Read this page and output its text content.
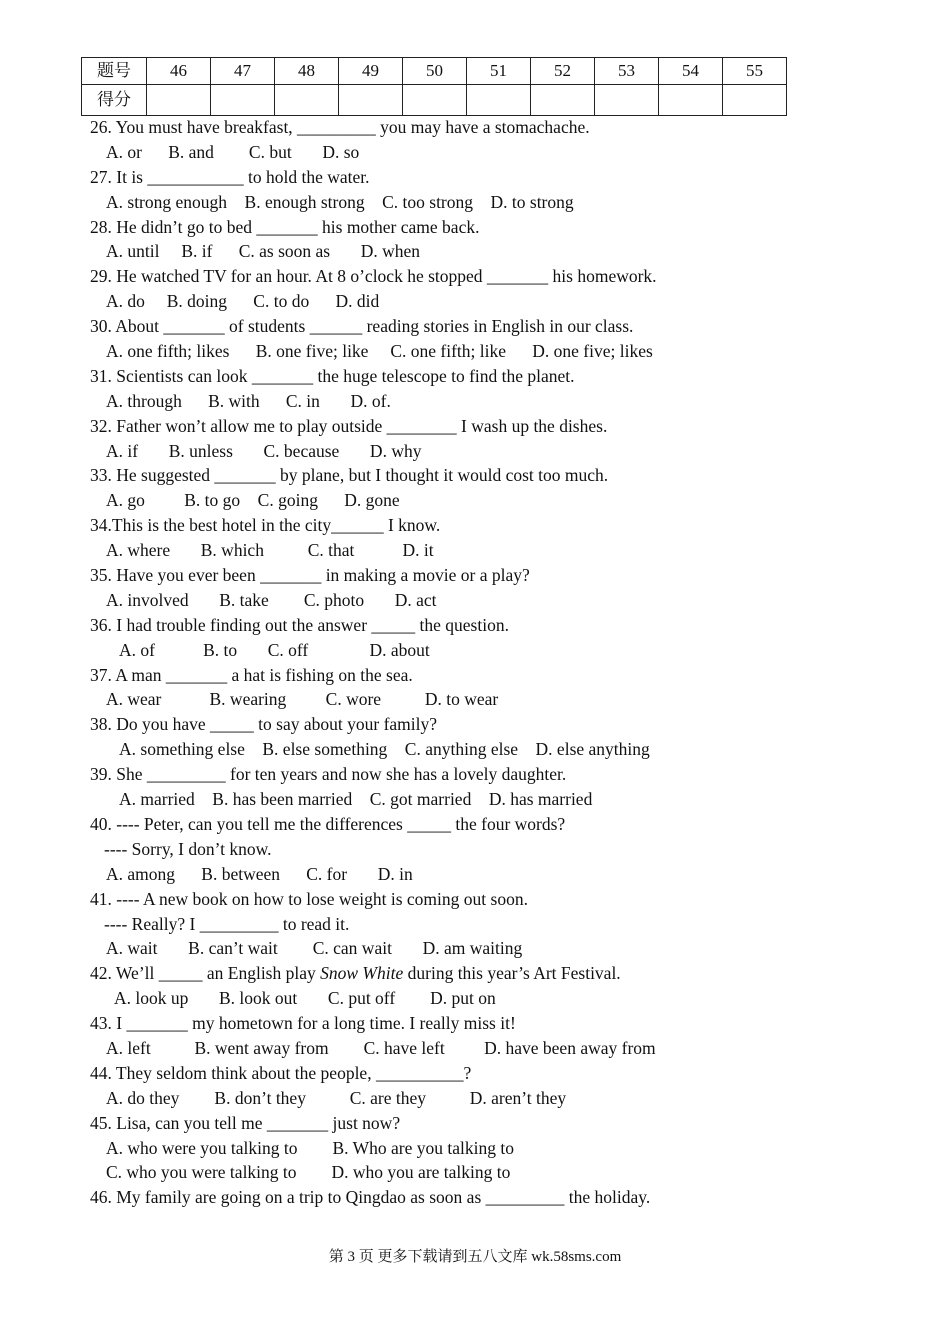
题号	46	47	48	49	50	51	52	53	54	55
得分										
26. You must have breakfast, _________ you may have a stomachache.
A. or      B. and        C. but       D. so
27. It is ___________ to hold the water.
A. strong enough    B. enough strong    C. too strong    D. to strong
28. He didn’t go to bed _______ his mother came back.
A. until     B. if      C. as soon as       D. when
29. He watched TV for an hour. At 8 o’clock he stopped _______ his homework.
A. do     B. doing      C. to do      D. did
30. About _______ of students ______ reading stories in English in our class.
A. one fifth; likes      B. one five; like     C. one fifth; like      D. one five; likes
31. Scientists can look _______ the huge telescope to find the planet.
A. through      B. with      C. in       D. of.
32. Father won’t allow me to play outside ________ I wash up the dishes.
A. if       B. unless       C. because       D. why
33. He suggested _______ by plane, but I thought it would cost too much.
A. go         B. to go    C. going      D. gone
34.This is the best hotel in the city______ I know.
A. where       B. which          C. that           D. it
35. Have you ever been _______ in making a movie or a play?
A. involved       B. take        C. photo       D. act
36. I had trouble finding out the answer _____ the question.
A. of           B. to       C. off              D. about
37. A man _______ a hat is fishing on the sea.
A. wear           B. wearing         C. wore          D. to wear
38. Do you have _____ to say about your family?
A. something else    B. else something    C. anything else    D. else anything
39. She _________ for ten years and now she has a lovely daughter.
A. married    B. has been married    C. got married    D. has married
40. ---- Peter, can you tell me the differences _____ the four words?
---- Sorry, I don’t know.
A. among      B. between      C. for       D. in
41. ---- A new book on how to lose weight is coming out soon.
---- Really? I _________ to read it.
A. wait       B. can’t wait        C. can wait       D. am waiting
42. We’ll _____ an English play Snow White during this year’s Art Festival.
A. look up       B. look out       C. put off        D. put on
43. I _______ my hometown for a long time. I really miss it!
A. left          B. went away from        C. have left         D. have been away from
44. They seldom think about the people, __________?
A. do they        B. don’t they          C. are they          D. aren’t they
45. Lisa, can you tell me _______ just now?
A. who were you talking to        B. Who are you talking to
C. who you were talking to        D. who you are talking to
46. My family are going on a trip to Qingdao as soon as _________ the holiday.
第 3 页 更多下载请到五八文库 wk.58sms.com
